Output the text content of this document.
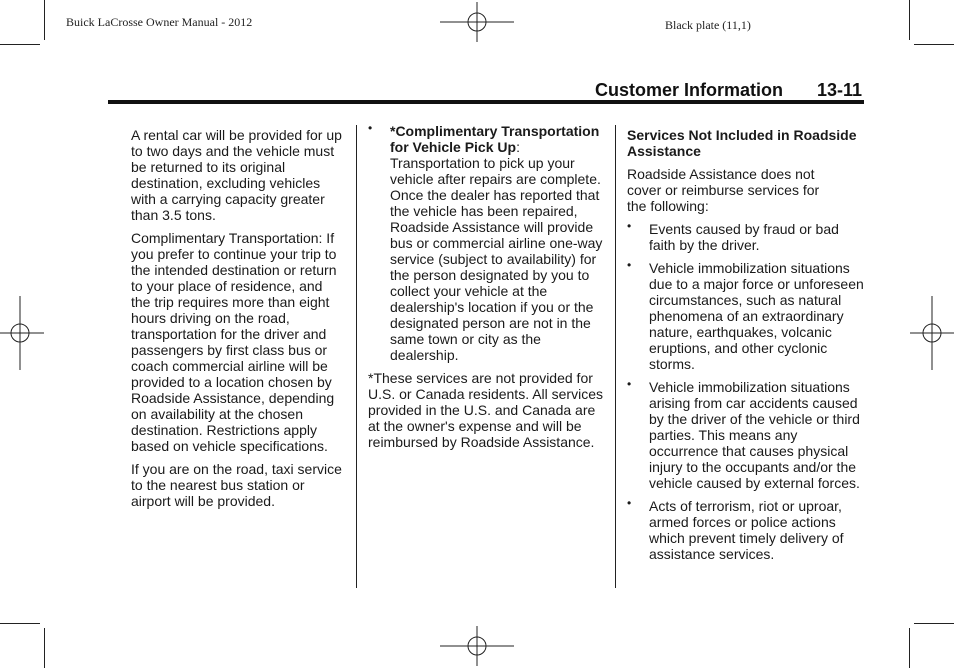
Buick LaCrosse Owner Manual - 2012	Black plate (11,1)
Customer Information 13-11

A rental car will be provided for up to two days and the vehicle must be returned to its original destination, excluding vehicles with a carrying capacity greater than 3.5 tons.

Complimentary Transportation: If you prefer to continue your trip to the intended destination or return to your place of residence, and the trip requires more than eight hours driving on the road, transportation for the driver and passengers by first class bus or coach commercial airline will be provided to a location chosen by Roadside Assistance, depending on availability at the chosen destination. Restrictions apply based on vehicle specifications.

If you are on the road, taxi service to the nearest bus station or airport will be provided.

• *Complimentary Transportation for Vehicle Pick Up: Transportation to pick up your vehicle after repairs are complete. Once the dealer has reported that the vehicle has been repaired, Roadside Assistance will provide bus or commercial airline one-way service (subject to availability) for the person designated by you to collect your vehicle at the dealership's location if you or the designated person are not in the same town or city as the dealership.

*These services are not provided for U.S. or Canada residents. All services provided in the U.S. and Canada are at the owner's expense and will be reimbursed by Roadside Assistance.

Services Not Included in Roadside Assistance

Roadside Assistance does not cover or reimburse services for the following:

• Events caused by fraud or bad faith by the driver.
• Vehicle immobilization situations due to a major force or unforeseen circumstances, such as natural phenomena of an extraordinary nature, earthquakes, volcanic eruptions, and other cyclonic storms.
• Vehicle immobilization situations arising from car accidents caused by the driver of the vehicle or third parties. This means any occurrence that causes physical injury to the occupants and/or the vehicle caused by external forces.
• Acts of terrorism, riot or uproar, armed forces or police actions which prevent timely delivery of assistance services.
